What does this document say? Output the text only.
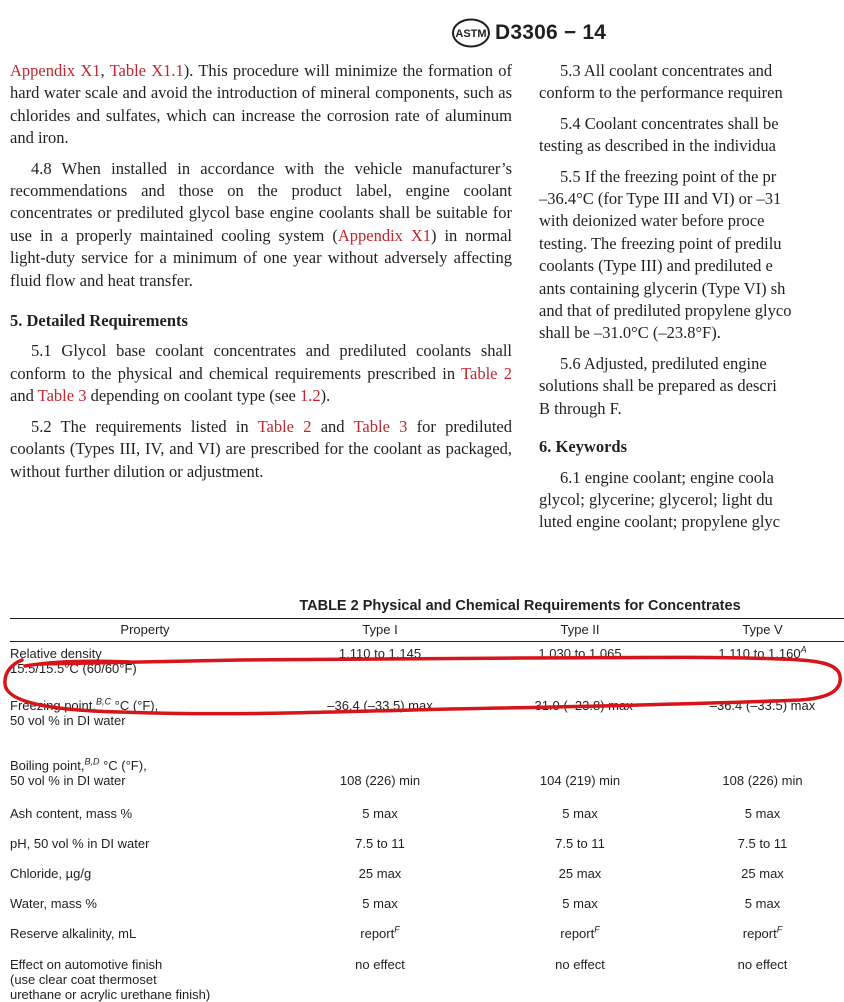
ASTM D3306 − 14

Appendix X1, Table X1.1). This procedure will minimize the formation of hard water scale and avoid the introduction of mineral components, such as chlorides and sulfates, which can increase the corrosion rate of aluminum and iron.

4.8 When installed in accordance with the vehicle manufacturer’s recommendations and those on the product label, engine coolant concentrates or prediluted glycol base engine coolants shall be suitable for use in a properly maintained cooling system (Appendix X1) in normal light-duty service for a minimum of one year without adversely affecting fluid flow and heat transfer.

5. Detailed Requirements

5.1 Glycol base coolant concentrates and prediluted coolants shall conform to the physical and chemical requirements prescribed in Table 2 and Table 3 depending on coolant type (see 1.2).

5.2 The requirements listed in Table 2 and Table 3 for prediluted coolants (Types III, IV, and VI) are prescribed for the coolant as packaged, without further dilution or adjustment.

5.3 All coolant concentrates and
conform to the performance requiren

5.4 Coolant concentrates shall be
testing as described in the individua

5.5 If the freezing point of the pr
–36.4°C (for Type III and VI) or –31
with deionized water before proce
testing. The freezing point of predilu
coolants (Type III) and prediluted e
ants containing glycerin (Type VI) sh
and that of prediluted propylene glyco
shall be –31.0°C (–23.8°F).

5.6 Adjusted, prediluted engine
solutions shall be prepared as descri
B through F.

6. Keywords

6.1 engine coolant; engine coola
glycol; glycerine; glycerol; light du
luted engine coolant; propylene glyc

TABLE 2 Physical and Chemical Requirements for Concentrates
Property	Type I	Type II	Type V

Relative density
15.5/15.5°C (60/60°F)	1.110 to 1.145	1.030 to 1.065	1.110 to $1.160^A$

Freezing point,$^{B,C}$ °C (°F),
50 vol % in DI water	–36.4 (–33.5) max	–31.0 (–23.8) max	–36.4 (–33.5) max

Boiling point,$^{B,D}$ °C (°F),
50 vol % in DI water	108 (226) min	104 (219) min	108 (226) min
Ash content, mass %	5 max	5 max	5 max
pH, 50 vol % in DI water	7.5 to 11	7.5 to 11	7.5 to 11
Chloride, µg/g	25 max	25 max	25 max
Water, mass %	5 max	5 max	5 max
Reserve alkalinity, mL	report$^F$	report$^F$	report$^F$

Effect on automotive finish
(use clear coat thermoset
urethane or acrylic urethane finish)	no effect	no effect	no effect
